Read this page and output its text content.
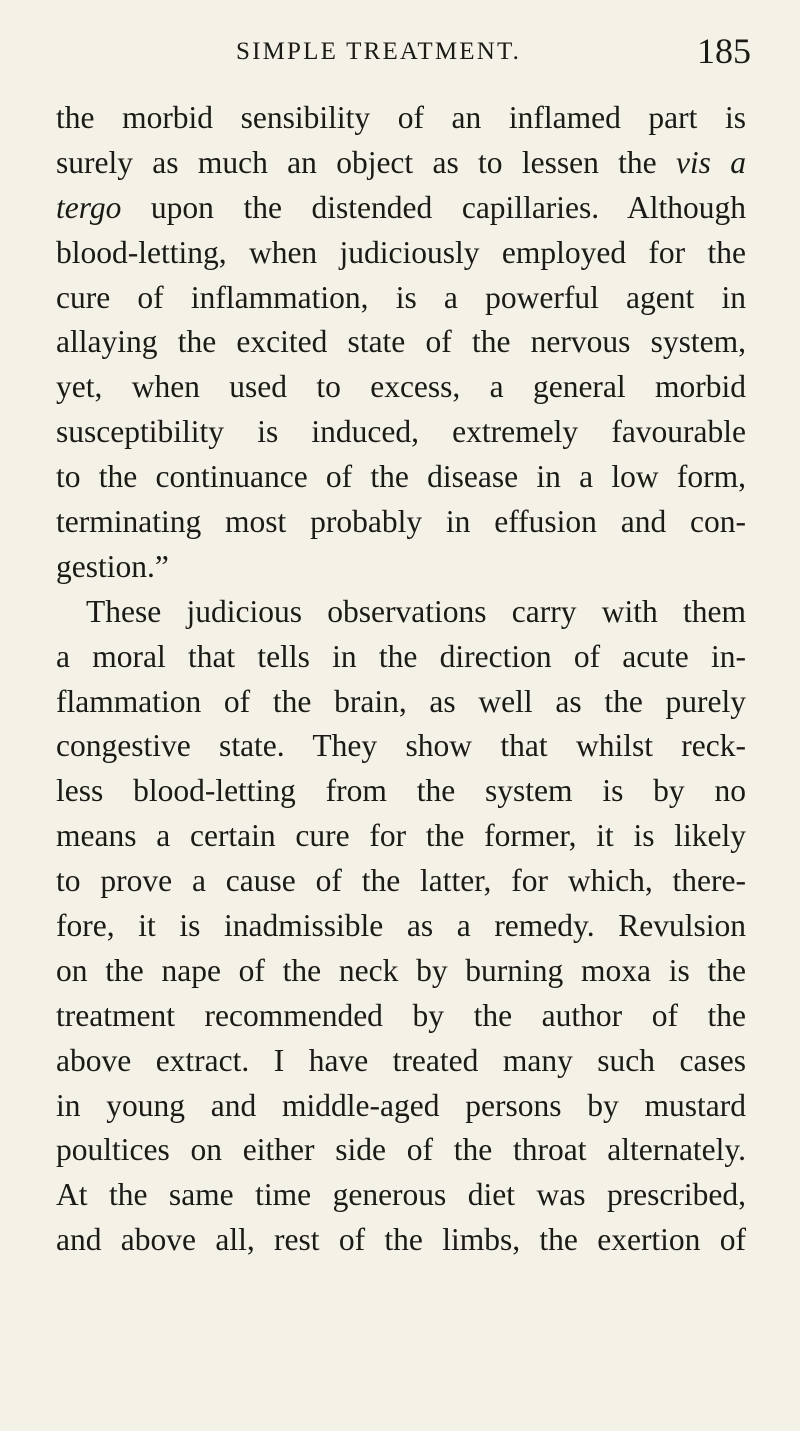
SIMPLE TREATMENT.	185
the morbid sensibility of an inflamed part is
surely as much an object as to lessen the vis a
tergo upon the distended capillaries. Although
blood-letting, when judiciously employed for the
cure of inflammation, is a powerful agent in
allaying the excited state of the nervous system,
yet, when used to excess, a general morbid
susceptibility is induced, extremely favourable
to the continuance of the disease in a low form,
terminating most probably in effusion and con-
gestion.”
These judicious observations carry with them
a moral that tells in the direction of acute in-
flammation of the brain, as well as the purely
congestive state. They show that whilst reck-
less blood-letting from the system is by no
means a certain cure for the former, it is likely
to prove a cause of the latter, for which, there-
fore, it is inadmissible as a remedy. Revulsion
on the nape of the neck by burning moxa is the
treatment recommended by the author of the
above extract. I have treated many such cases
in young and middle-aged persons by mustard
poultices on either side of the throat alternately.
At the same time generous diet was prescribed,
and above all, rest of the limbs, the exertion of
